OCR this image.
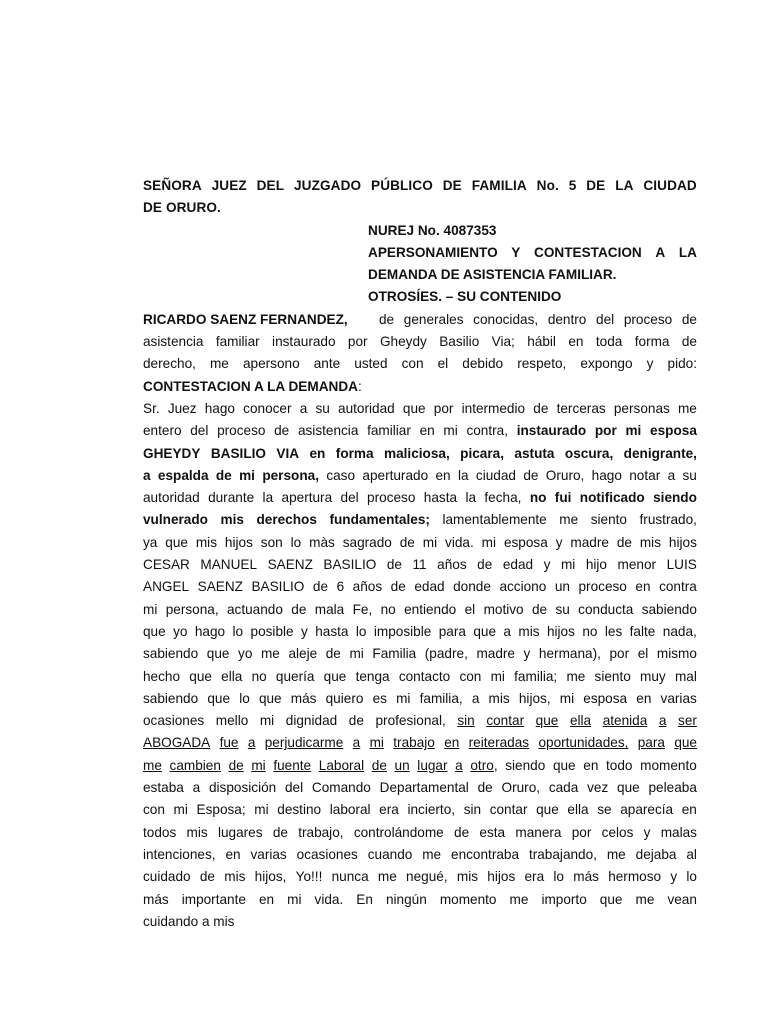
SEÑORA JUEZ DEL JUZGADO PÚBLICO DE FAMILIA No. 5 DE LA CIUDAD
DE ORURO.
NUREJ No. 4087353
APERSONAMIENTO Y CONTESTACION A LA
DEMANDA DE ASISTENCIA FAMILIAR.
OTROSÍES. – SU CONTENIDO
RICARDO SAENZ FERNANDEZ, de generales conocidas, dentro del proceso de
asistencia familiar instaurado por Gheydy Basilio Via; hábil en toda forma de
derecho, me apersono ante usted con el debido respeto, expongo y pido:
CONTESTACION A LA DEMANDA:
Sr. Juez hago conocer a su autoridad que por intermedio de terceras personas me
entero del proceso de asistencia familiar en mi contra, instaurado por mi esposa
GHEYDY BASILIO VIA en forma maliciosa, picara, astuta oscura, denigrante,
a espalda de mi persona, caso aperturado en la ciudad de Oruro, hago notar a su
autoridad durante la apertura del proceso hasta la fecha, no fui notificado siendo
vulnerado mis derechos fundamentales; lamentablemente me siento frustrado,
ya que mis hijos son lo màs sagrado de mi vida. mi esposa y madre de mis hijos
CESAR MANUEL SAENZ BASILIO de 11 años de edad y mi hijo menor LUIS
ANGEL SAENZ BASILIO de 6 años de edad donde acciono un proceso en contra
mi persona, actuando de mala Fe, no entiendo el motivo de su conducta sabiendo
que yo hago lo posible y hasta lo imposible para que a mis hijos no les falte nada,
sabiendo que yo me aleje de mi Familia (padre, madre y hermana), por el mismo
hecho que ella no quería que tenga contacto con mi familia; me siento muy mal
sabiendo que lo que más quiero es mi familia, a mis hijos, mi esposa en varias
ocasiones mello mi dignidad de profesional, sin contar que ella atenida a ser
ABOGADA fue a perjudicarme a mi trabajo en reiteradas oportunidades, para que
me cambien de mi fuente Laboral de un lugar a otro, siendo que en todo momento
estaba a disposición del Comando Departamental de Oruro, cada vez que peleaba
con mi Esposa; mi destino laboral era incierto, sin contar que ella se aparecía en
todos mis lugares de trabajo, controlándome de esta manera por celos y malas
intenciones, en varias ocasiones cuando me encontraba trabajando, me dejaba al
cuidado de mis hijos, Yo!!! nunca me negué, mis hijos era lo más hermoso y lo
más importante en mi vida. En ningún momento me importo que me vean
cuidando a mis
